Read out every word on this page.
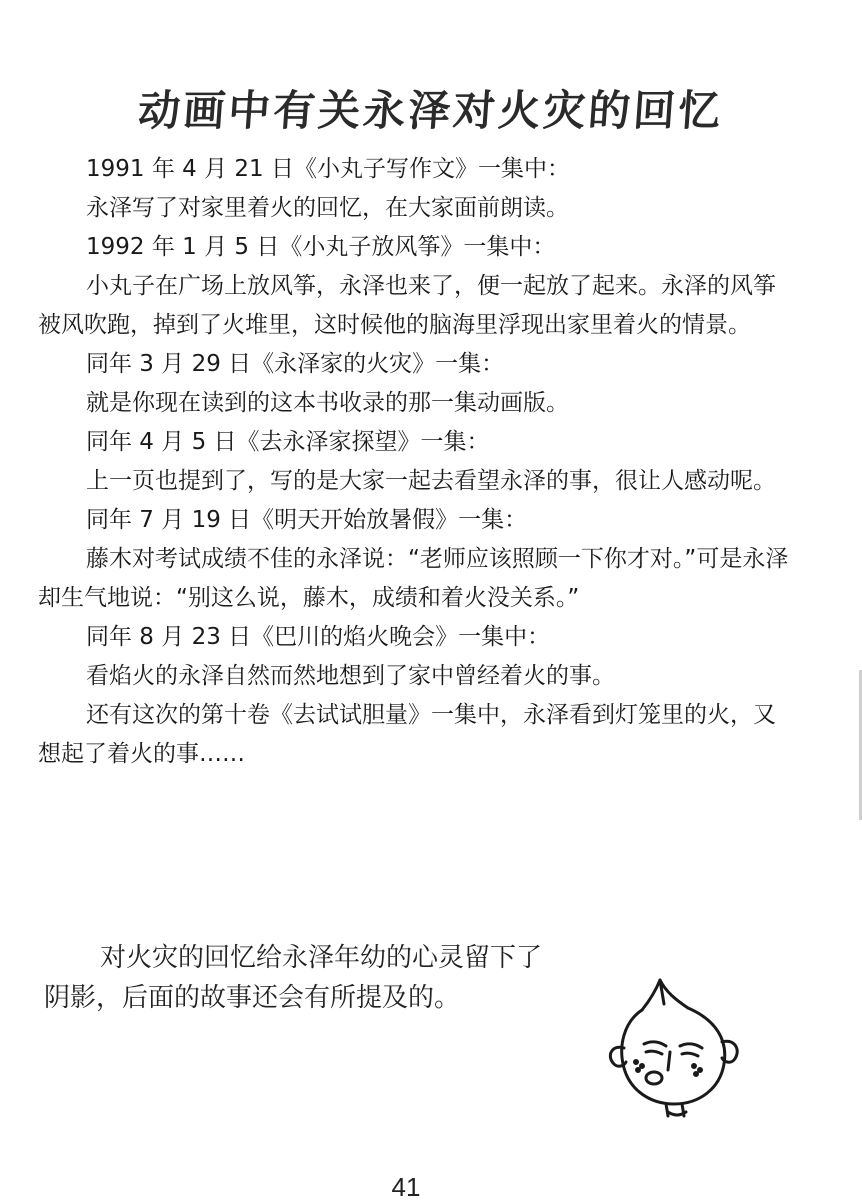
动画中有关永泽对火灾的回忆

1991 年 4 月 21 日《小丸子写作文》一集中：

永泽写了对家里着火的回忆，在大家面前朗读。

1992 年 1 月 5 日《小丸子放风筝》一集中：

小丸子在广场上放风筝，永泽也来了，便一起放了起来。永泽的风筝被风吹跑，掉到了火堆里，这时候他的脑海里浮现出家里着火的情景。

同年 3 月 29 日《永泽家的火灾》一集：

就是你现在读到的这本书收录的那一集动画版。

同年 4 月 5 日《去永泽家探望》一集：

上一页也提到了，写的是大家一起去看望永泽的事，很让人感动呢。

同年 7 月 19 日《明天开始放暑假》一集：

藤木对考试成绩不佳的永泽说：“老师应该照顾一下你才对。”可是永泽却生气地说：“别这么说，藤木，成绩和着火没关系。”

同年 8 月 23 日《巴川的焰火晚会》一集中：

看焰火的永泽自然而然地想到了家中曾经着火的事。

还有这次的第十卷《去试试胆量》一集中，永泽看到灯笼里的火，又想起了着火的事……

对火灾的回忆给永泽年幼的心灵留下了

阴影，后面的故事还会有所提及的。

41
